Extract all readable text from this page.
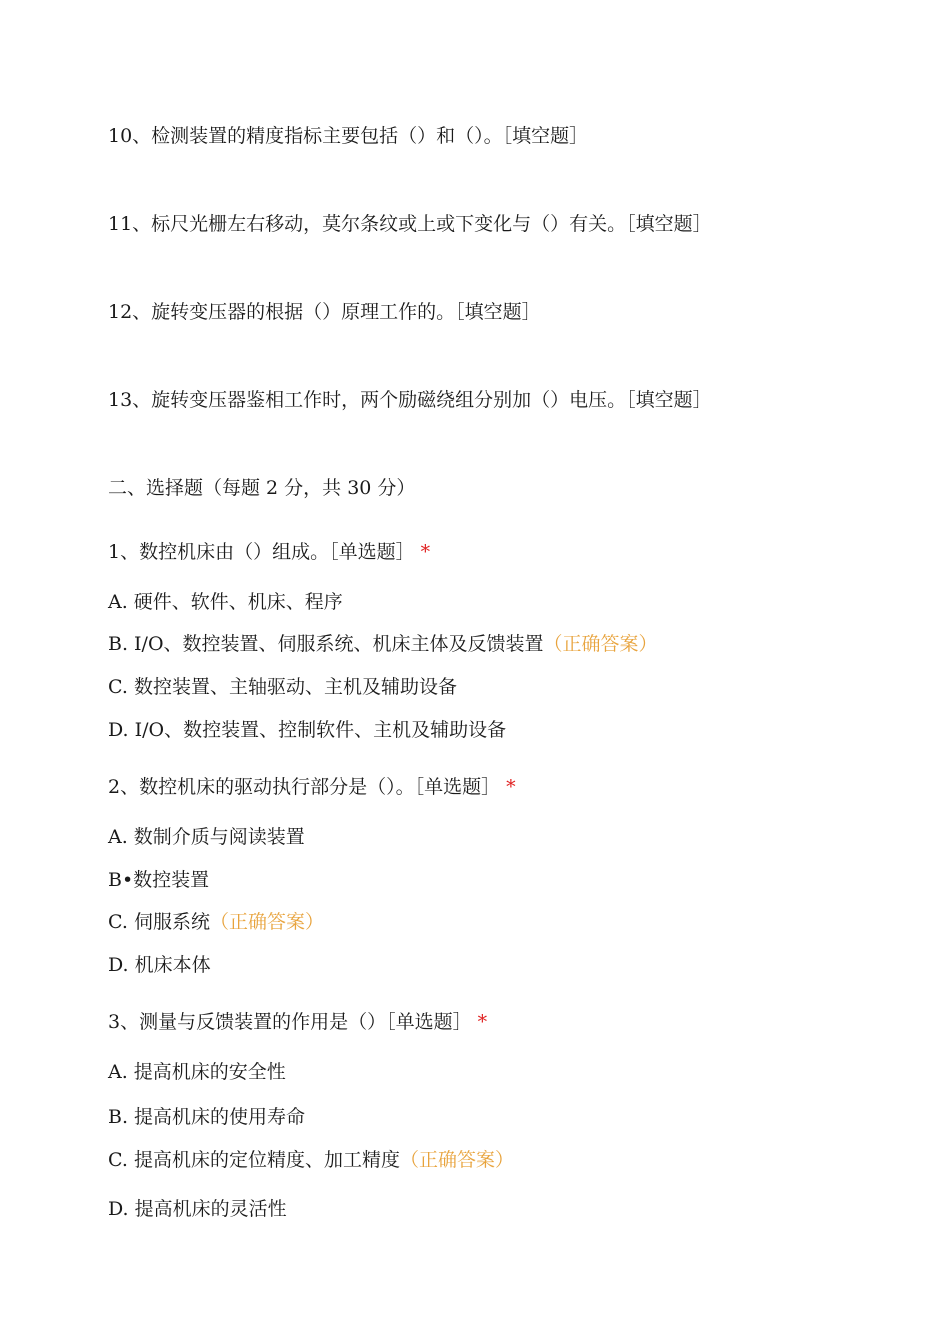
10、检测装置的精度指标主要包括（）和（）。［填空题］
11、标尺光栅左右移动，莫尔条纹或上或下变化与（）有关。［填空题］
12、旋转变压器的根据（）原理工作的。［填空题］
13、旋转变压器鉴相工作时，两个励磁绕组分别加（）电压。［填空题］
二、选择题（每题 2 分，共 30 分）
1、数控机床由（）组成。［单选题］ *
A. 硬件、软件、机床、程序
B. I/O、数控装置、伺服系统、机床主体及反馈装置（正确答案）
C. 数控装置、主轴驱动、主机及辅助设备
D. I/O、数控装置、控制软件、主机及辅助设备
2、数控机床的驱动执行部分是（）。［单选题］ *
A. 数制介质与阅读装置
B•数控装置
C. 伺服系统（正确答案）
D. 机床本体
3、测量与反馈装置的作用是（）［单选题］ *
A. 提高机床的安全性
B. 提高机床的使用寿命
C. 提高机床的定位精度、加工精度（正确答案）
D. 提高机床的灵活性
